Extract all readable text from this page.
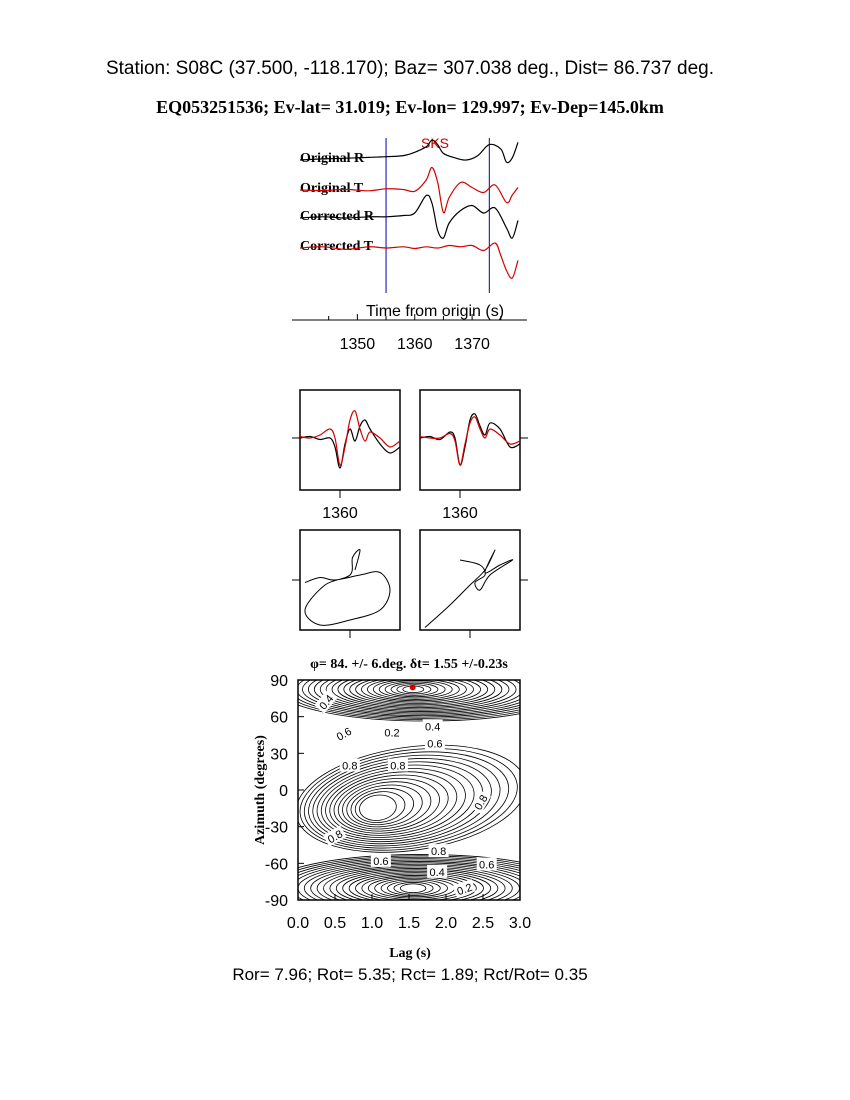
Station: S08C (37.500, -118.170); Baz= 307.038 deg., Dist= 86.737 deg.
EQ053251536; Ev-lat= 31.019; Ev-lon= 129.997; Ev-Dep=145.0km
SKS
Original R
Original T
Corrected R
Corrected T
Time from origin (s)
1350 1360 1370
1360	1360
φ= 84. +/- 6.deg. δt= 1.55 +/-0.23s
0.4
0.6	0.2
0.4
0.6
0.8	0.8
0.8
0.8
0.8
0.6
0.4
0.6
0.2
90
60
30
0
-30
-60
-90
0.0 0.5 1.0 1.5 2.0 2.5 3.0
Lag (s)
Azimuth (degrees)
Ror= 7.96; Rot= 5.35; Rct= 1.89; Rct/Rot= 0.35
